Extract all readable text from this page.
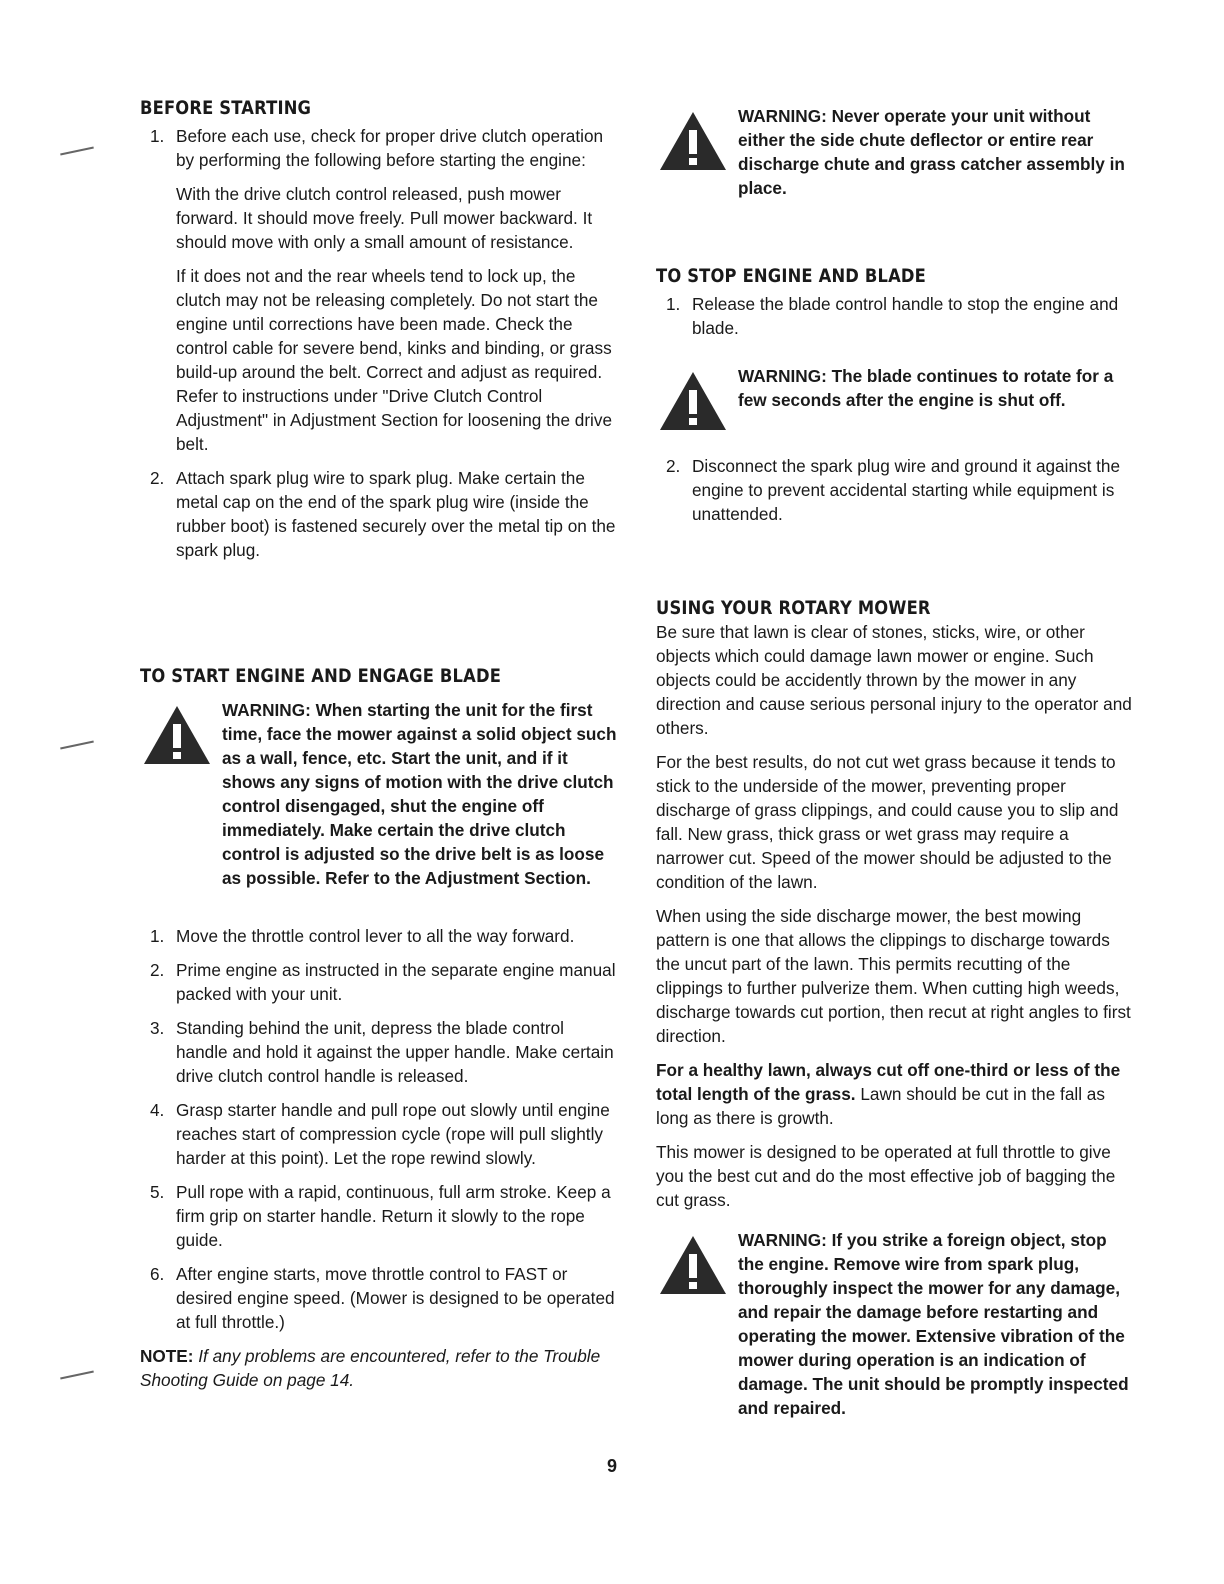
BEFORE STARTING
1. Before each use, check for proper drive clutch operation by performing the following before starting the engine:

With the drive clutch control released, push mower forward. It should move freely. Pull mower backward. It should move with only a small amount of resistance.

If it does not and the rear wheels tend to lock up, the clutch may not be releasing completely. Do not start the engine until corrections have been made. Check the control cable for severe bend, kinks and binding, or grass build-up around the belt. Correct and adjust as required. Refer to instructions under "Drive Clutch Control Adjustment" in Adjustment Section for loosening the drive belt.

2. Attach spark plug wire to spark plug. Make certain the metal cap on the end of the spark plug wire (inside the rubber boot) is fastened securely over the metal tip on the spark plug.

TO START ENGINE AND ENGAGE BLADE

WARNING: When starting the unit for the first time, face the mower against a solid object such as a wall, fence, etc. Start the unit, and if it shows any signs of motion with the drive clutch control disengaged, shut the engine off immediately. Make certain the drive clutch control is adjusted so the drive belt is as loose as possible. Refer to the Adjustment Section.

1. Move the throttle control lever to all the way forward.

2. Prime engine as instructed in the separate engine manual packed with your unit.

3. Standing behind the unit, depress the blade control handle and hold it against the upper handle. Make certain drive clutch control handle is released.

4. Grasp starter handle and pull rope out slowly until engine reaches start of compression cycle (rope will pull slightly harder at this point). Let the rope rewind slowly.

5. Pull rope with a rapid, continuous, full arm stroke. Keep a firm grip on starter handle. Return it slowly to the rope guide.

6. After engine starts, move throttle control to FAST or desired engine speed. (Mower is designed to be operated at full throttle.)

NOTE: If any problems are encountered, refer to the Trouble Shooting Guide on page 14.

WARNING: Never operate your unit without either the side chute deflector or entire rear discharge chute and grass catcher assembly in place.

TO STOP ENGINE AND BLADE
1. Release the blade control handle to stop the engine and blade.

WARNING: The blade continues to rotate for a few seconds after the engine is shut off.

2. Disconnect the spark plug wire and ground it against the engine to prevent accidental starting while equipment is unattended.

USING YOUR ROTARY MOWER

Be sure that lawn is clear of stones, sticks, wire, or other objects which could damage lawn mower or engine. Such objects could be accidently thrown by the mower in any direction and cause serious personal injury to the operator and others.

For the best results, do not cut wet grass because it tends to stick to the underside of the mower, preventing proper discharge of grass clippings, and could cause you to slip and fall. New grass, thick grass or wet grass may require a narrower cut. Speed of the mower should be adjusted to the condition of the lawn.

When using the side discharge mower, the best mowing pattern is one that allows the clippings to discharge towards the uncut part of the lawn. This permits recutting of the clippings to further pulverize them. When cutting high weeds, discharge towards cut portion, then recut at right angles to first direction.

For a healthy lawn, always cut off one-third or less of the total length of the grass. Lawn should be cut in the fall as long as there is growth.

This mower is designed to be operated at full throttle to give you the best cut and do the most effective job of bagging the cut grass.

WARNING: If you strike a foreign object, stop the engine. Remove wire from spark plug, thoroughly inspect the mower for any damage, and repair the damage before restarting and operating the mower. Extensive vibration of the mower during operation is an indication of damage. The unit should be promptly inspected and repaired.

9
